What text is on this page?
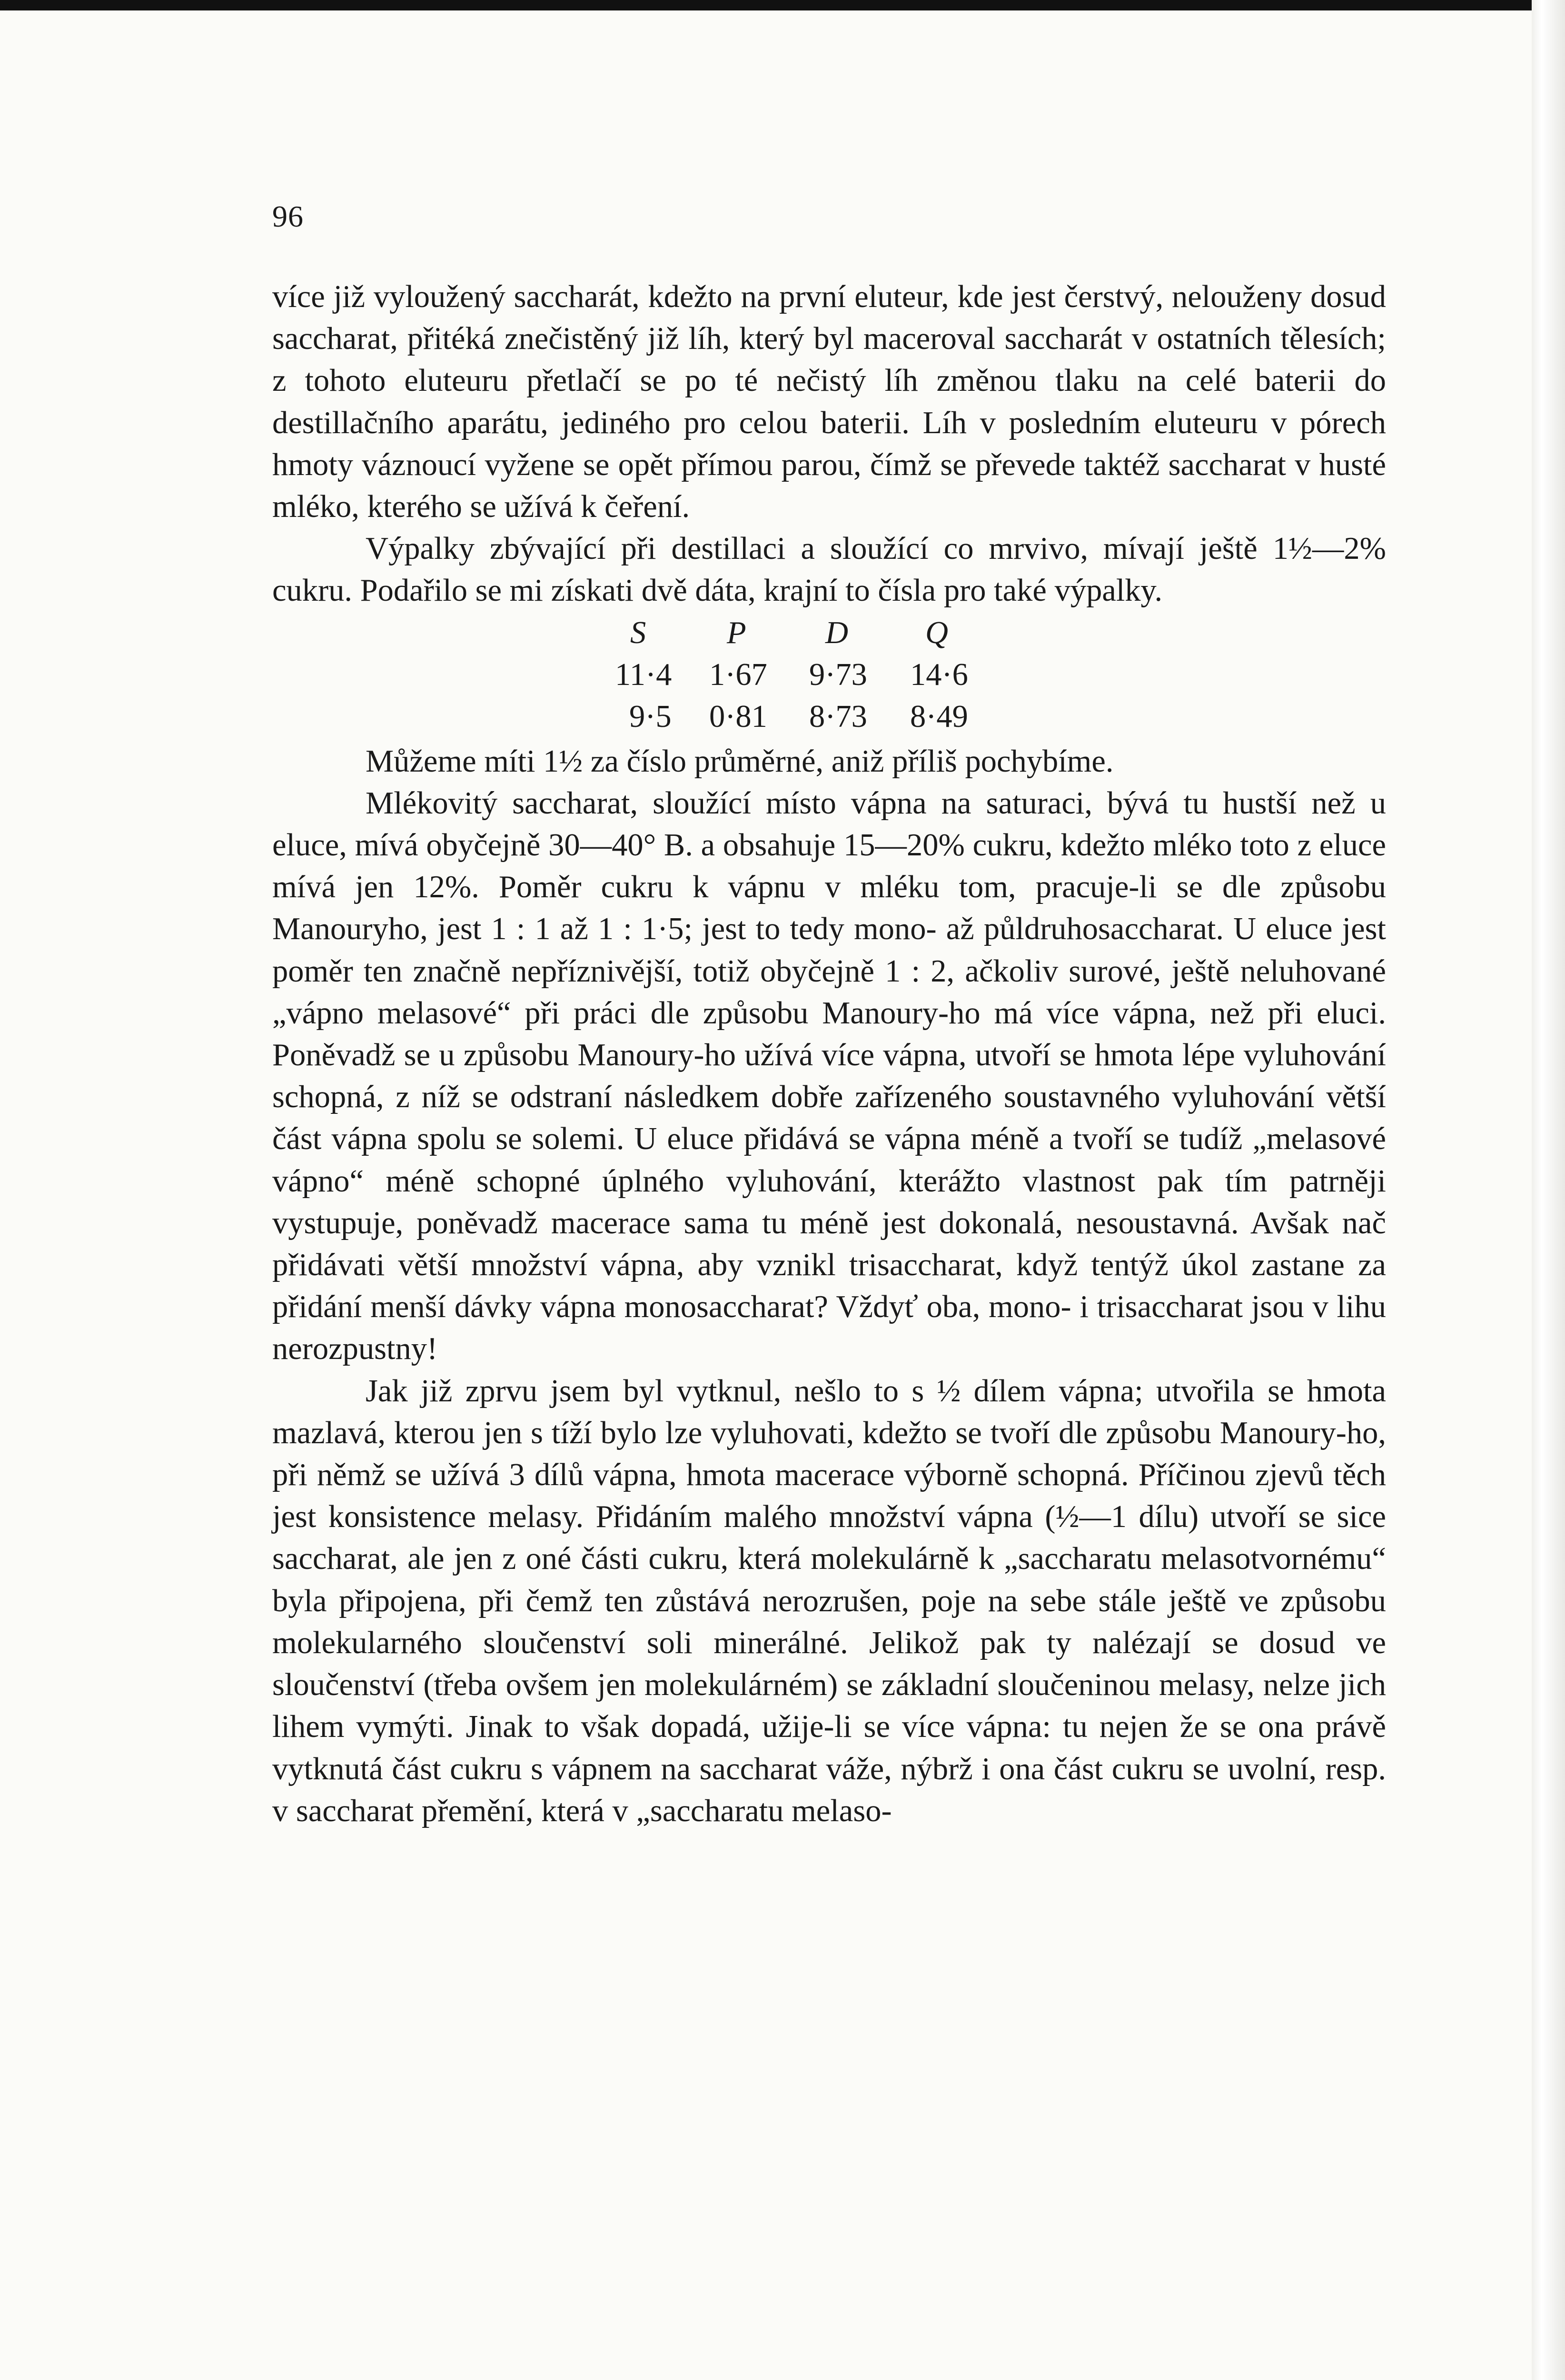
96

více již vyloužený saccharát, kdežto na první eluteur, kde jest čerstvý, nelouženy dosud saccharat, přitéká znečistěný již líh, který byl maceroval saccharát v ostatních tělesích; z tohoto eluteuru přetlačí se po té nečistý líh změnou tlaku na celé baterii do destillačního aparátu, jediného pro celou baterii. Líh v posledním eluteuru v pórech hmoty váznoucí vyžene se opět přímou parou, čímž se převede taktéž saccharat v husté mléko, kterého se užívá k čeření.

Výpalky zbývající při destillaci a sloužící co mrvivo, mívají ještě 1½—2% cukru. Podařilo se mi získati dvě dáta, krajní to čísla pro také výpalky.

S	P	D Q
11·4 1·67 9·73 14·6
9·5 0·81 8·73 8·49

Můžeme míti 1½ za číslo průměrné, aniž příliš pochybíme.

Mlékovitý saccharat, sloužící místo vápna na saturaci, bývá tu hustší než u eluce, mívá obyčejně 30—40° B. a obsahuje 15—20% cukru, kdežto mléko toto z eluce mívá jen 12%. Poměr cukru k vápnu v mléku tom, pracuje-li se dle způsobu Manouryho, jest 1 : 1 až 1 : 1·5; jest to tedy mono- až půldruhosaccharat. U eluce jest poměr ten značně nepříznivější, totiž obyčejně 1 : 2, ačkoliv surové, ještě neluhované „vápno melasové“ při práci dle způsobu Manoury-ho má více vápna, než při eluci. Poněvadž se u způsobu Manoury-ho užívá více vápna, utvoří se hmota lépe vyluhování schopná, z níž se odstraní následkem dobře zařízeného soustavného vyluhování větší část vápna spolu se solemi. U eluce přidává se vápna méně a tvoří se tudíž „melasové vápno“ méně schopné úplného vyluhování, kterážto vlastnost pak tím patrněji vystupuje, poněvadž macerace sama tu méně jest dokonalá, nesoustavná. Avšak nač přidávati větší množství vápna, aby vznikl trisaccharat, když tentýž úkol zastane za přidání menší dávky vápna monosaccharat? Vždyť oba, mono- i trisaccharat jsou v lihu nerozpustny!

Jak již zprvu jsem byl vytknul, nešlo to s ½ dílem vápna; utvořila se hmota mazlavá, kterou jen s tíží bylo lze vyluhovati, kdežto se tvoří dle způsobu Manoury-ho, při němž se užívá 3 dílů vápna, hmota macerace výborně schopná. Příčinou zjevů těch jest konsistence melasy. Přidáním malého množství vápna (½—1 dílu) utvoří se sice saccharat, ale jen z oné části cukru, která molekulárně k „saccharatu melasotvornému“ byla připojena, při čemž ten zůstává nerozrušen, poje na sebe stále ještě ve způsobu molekularného sloučenství soli minerálné. Jelikož pak ty nalézají se dosud ve sloučenství (třeba ovšem jen molekulárném) se základní sloučeninou melasy, nelze jich lihem vymýti. Jinak to však dopadá, užije-li se více vápna: tu nejen že se ona právě vytknutá část cukru s vápnem na saccharat váže, nýbrž i ona část cukru se uvolní, resp. v saccharat přemění, která v „saccharatu melaso-
